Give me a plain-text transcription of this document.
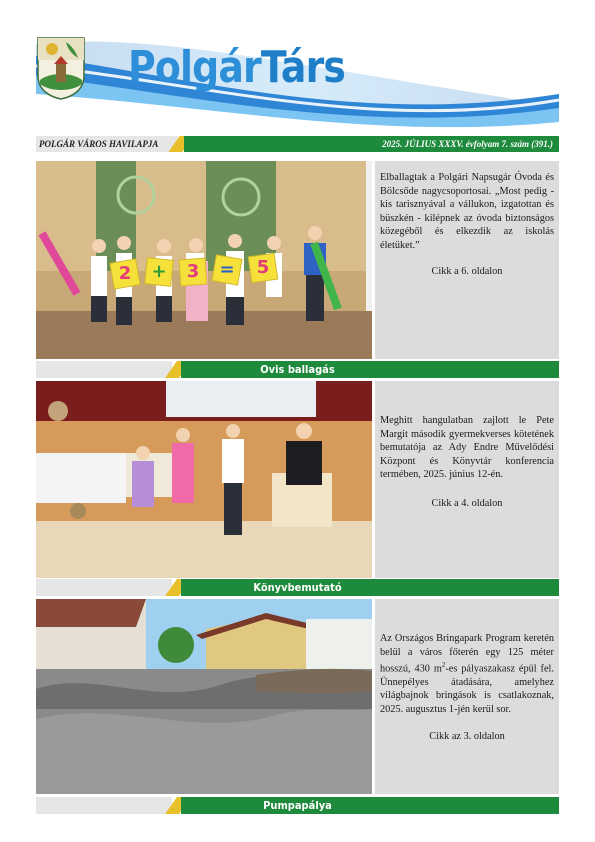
PolgárTárs
POLGÁR VÁROS HAVILAPJA	2025. JÚLIUS XXXV. évfolyam 7. szám (391.)
2 + 3 = 5
Elballagtak a Polgári Napsugár Óvoda és Bölcsőde nagycsoportosai. „Most pedig - kis tarisznyával a vállukon, izgatottan és büszkén - kilépnek az óvoda biztonságos közegéből és elkezdik az iskolás életüket.”
Cikk a 6. oldalon
Ovis ballagás
Meghitt hangulatban zajlott le Pete Margit második gyermekverses kötetének bemutatója az Ady Endre Művelődési Központ és Könyvtár konferencia termében, 2025. június 12-én.
Cikk a 4. oldalon
Könyvbemutató
Az Országos Bringapark Program keretén belül a város főterén egy 125 méter hosszú, 430 $m^2-es$ pályaszakasz épül fel. Ünnepélyes átadására, amelyhez világbajnok bringások is csatlakoznak, 2025. augusztus 1-jén kerül sor.
Cikk az 3. oldalon
Pumpapálya
